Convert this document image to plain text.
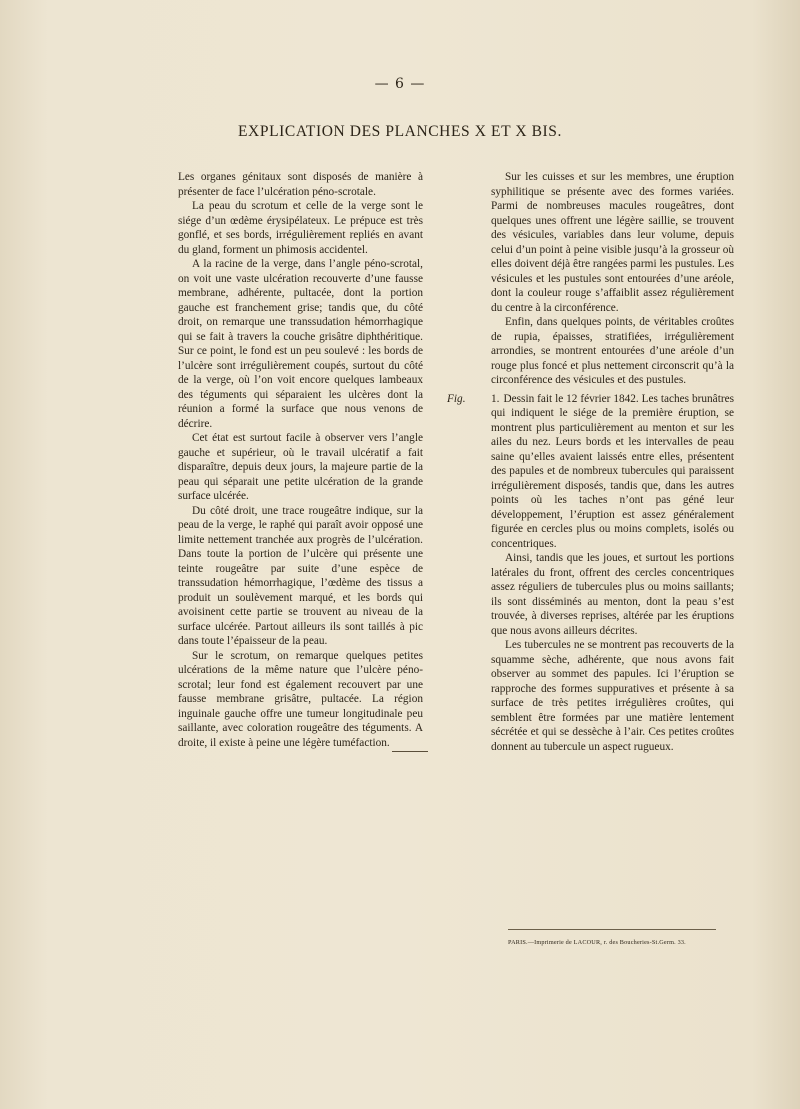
— 6 —
EXPLICATION DES PLANCHES X ET X BIS.

Les organes génitaux sont disposés de manière à présenter de face l’ulcération péno-scrotale.

La peau du scrotum et celle de la verge sont le siége d’un œdème érysipélateux. Le prépuce est très gonflé, et ses bords, irrégulièrement repliés en avant du gland, forment un phimosis accidentel.

A la racine de la verge, dans l’angle péno-scrotal, on voit une vaste ulcération recouverte d’une fausse membrane, adhérente, pultacée, dont la portion gauche est franchement grise; tandis que, du côté droit, on remarque une transsudation hémorrhagique qui se fait à travers la couche grisâtre diphthéritique. Sur ce point, le fond est un peu soulevé : les bords de l’ulcère sont irrégulièrement coupés, surtout du côté de la verge, où l’on voit encore quelques lambeaux des téguments qui séparaient les ulcères dont la réunion a formé la surface que nous venons de décrire.

Cet état est surtout facile à observer vers l’angle gauche et supérieur, où le travail ulcératif a fait disparaître, depuis deux jours, la majeure partie de la peau qui séparait une petite ulcération de la grande surface ulcérée.

Du côté droit, une trace rougeâtre indique, sur la peau de la verge, le raphé qui paraît avoir opposé une limite nettement tranchée aux progrès de l’ulcération. Dans toute la portion de l’ulcère qui présente une teinte rougeâtre par suite d’une espèce de transsudation hémorrhagique, l’œdème des tissus a produit un soulèvement marqué, et les bords qui avoisinent cette partie se trouvent au niveau de la surface ulcérée. Partout ailleurs ils sont taillés à pic dans toute l’épaisseur de la peau.

Sur le scrotum, on remarque quelques petites ulcérations de la même nature que l’ulcère péno-scrotal; leur fond est également recouvert par une fausse membrane grisâtre, pultacée. La région inguinale gauche offre une tumeur longitudinale peu saillante, avec coloration rougeâtre des téguments. A droite, il existe à peine une légère tuméfaction.

Sur les cuisses et sur les membres, une éruption syphilitique se présente avec des formes variées. Parmi de nombreuses macules rougeâtres, dont quelques unes offrent une légère saillie, se trouvent des vésicules, variables dans leur volume, depuis celui d’un point à peine visible jusqu’à la grosseur où elles doivent déjà être rangées parmi les pustules. Les vésicules et les pustules sont entourées d’une aréole, dont la couleur rouge s’affaiblit assez régulièrement du centre à la circonférence.

Enfin, dans quelques points, de véritables croûtes de rupia, épaisses, stratifiées, irrégulièrement arrondies, se montrent entourées d’une aréole d’un rouge plus foncé et plus nettement circonscrit qu’à la circonférence des vésicules et des pustules.

Fig. 1. Dessin fait le 12 février 1842. Les taches brunâtres qui indiquent le siége de la première éruption, se montrent plus particulièrement au menton et sur les ailes du nez. Leurs bords et les intervalles de peau saine qu’elles avaient laissés entre elles, présentent des papules et de nombreux tubercules qui paraissent irrégulièrement disposés, tandis que, dans les autres points où les taches n’ont pas géné leur développement, l’éruption est assez généralement figurée en cercles plus ou moins complets, isolés ou concentriques.

Ainsi, tandis que les joues, et surtout les portions latérales du front, offrent des cercles concentriques assez réguliers de tubercules plus ou moins saillants; ils sont disséminés au menton, dont la peau s’est trouvée, à diverses reprises, altérée par les éruptions que nous avons ailleurs décrites.

Les tubercules ne se montrent pas recouverts de la squamme sèche, adhérente, que nous avons fait observer au sommet des papules. Ici l’éruption se rapproche des formes suppuratives et présente à sa surface de très petites irrégulières croûtes, qui semblent être formées par une matière lentement sécrétée et qui se dessèche à l’air. Ces petites croûtes donnent au tubercule un aspect rugueux.

PARIS.—Imprimerie de LACOUR, r. des Boucheries-St.Germ. 33.
